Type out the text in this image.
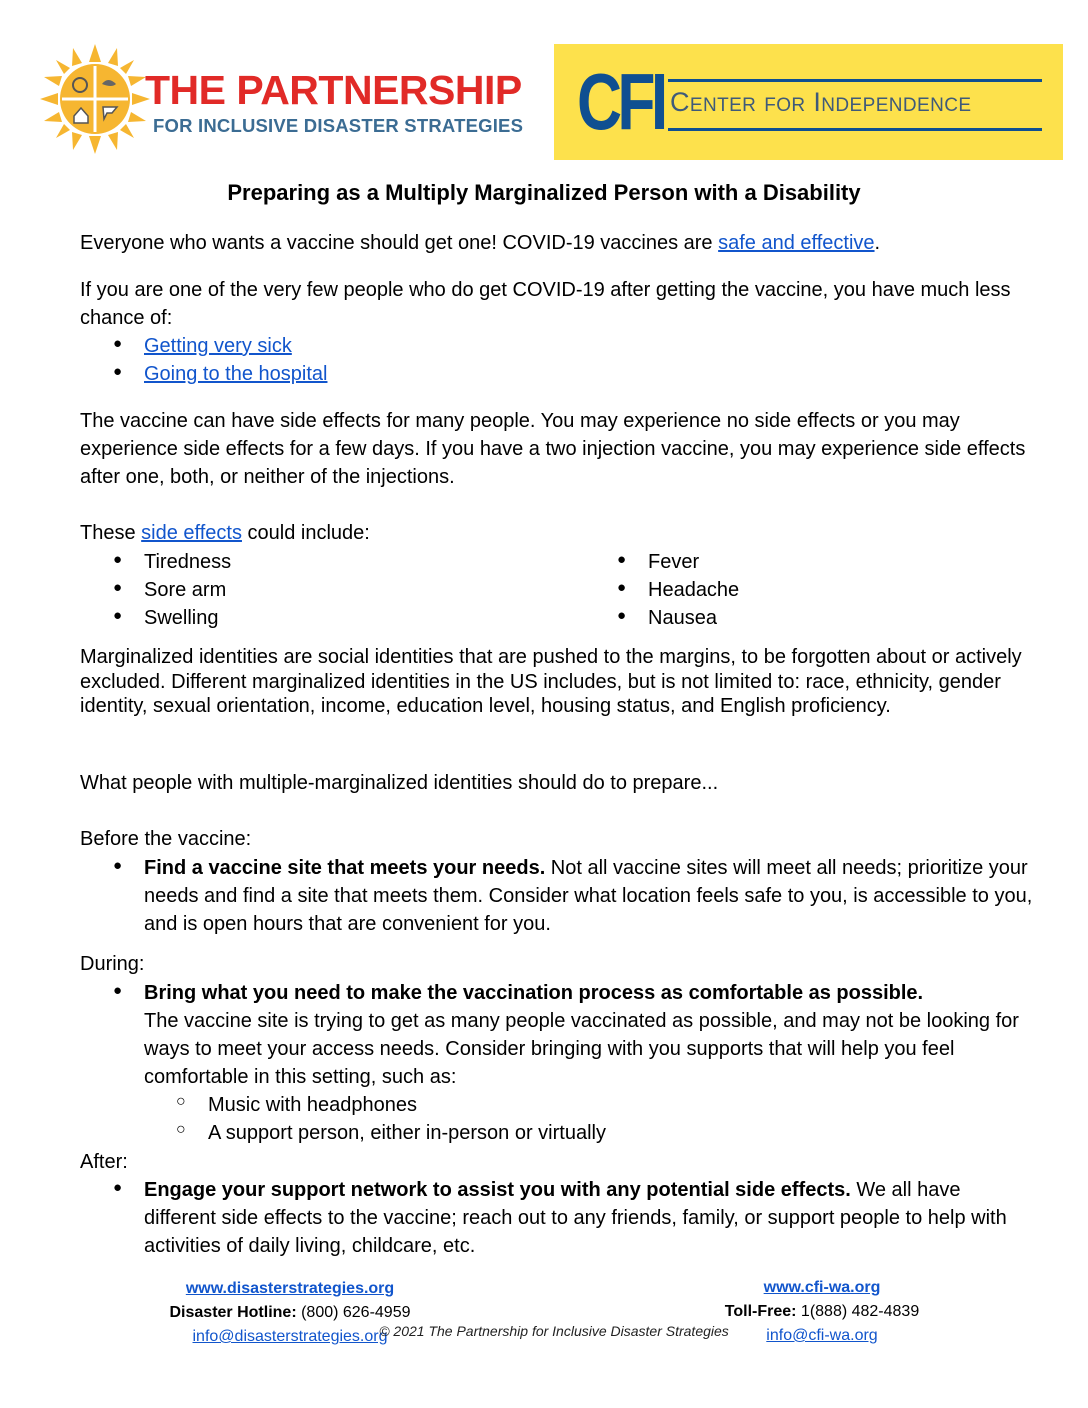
THE PARTNERSHIP
FOR INCLUSIVE DISASTER STRATEGIES CFI Center for Independence
Preparing as a Multiply Marginalized Person with a Disability
Everyone who wants a vaccine should get one! COVID-19 vaccines are safe and effective.
If you are one of the very few people who do get COVID-19 after getting the vaccine, you have much less chance of:
● Getting very sick
● Going to the hospital
The vaccine can have side effects for many people. You may experience no side effects or you may experience side effects for a few days. If you have a two injection vaccine, you may experience side effects after one, both, or neither of the injections.
These side effects could include:
● Tiredness
● Sore arm
● Swelling
● Fever
● Headache
● Nausea
Marginalized identities are social identities that are pushed to the margins, to be forgotten about or actively excluded. Different marginalized identities in the US includes, but is not limited to: race, ethnicity, gender identity, sexual orientation, income, education level, housing status, and English proficiency.
What people with multiple-marginalized identities should do to prepare...
Before the vaccine:
● Find a vaccine site that meets your needs. Not all vaccine sites will meet all needs; prioritize your needs and find a site that meets them. Consider what location feels safe to you, is accessible to you, and is open hours that are convenient for you.
During:
● Bring what you need to make the vaccination process as comfortable as possible.
The vaccine site is trying to get as many people vaccinated as possible, and may not be looking for ways to meet your access needs. Consider bringing with you supports that will help you feel comfortable in this setting, such as:
○ Music with headphones
○ A support person, either in-person or virtually
After:
● Engage your support network to assist you with any potential side effects. We all have different side effects to the vaccine; reach out to any friends, family, or support people to help with activities of daily living, childcare, etc.
www.disasterstrategies.org
Disaster Hotline: (800) 626-4959
info@disasterstrategies.org
www.cfi-wa.org
Toll-Free: 1(888) 482-4839
info@cfi-wa.org
© 2021 The Partnership for Inclusive Disaster Strategies
